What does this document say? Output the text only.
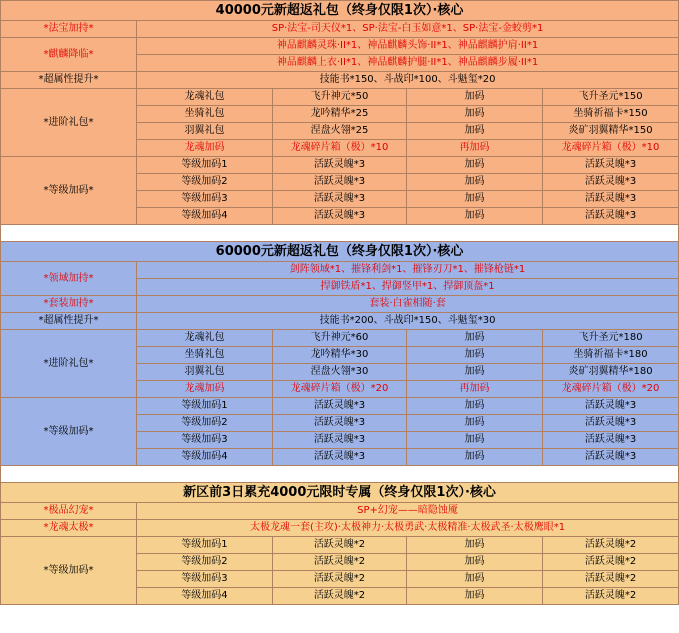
40000元新超返礼包（终身仅限1次）·核心				
*法宝加持*	SP·法宝-司天仪*1、SP·法宝-白玉如意*1、SP·法宝-金蛟剪*1			
*麒麟降临*	神品麒麟灵珠·II*1、神品麒麟头饰·II*1、神品麒麟护肩·II*1			
	神品麒麟上衣·II*1、神品麒麟护腿·II*1、神品麒麟步履·II*1			
*超属性提升*	技能书*150、斗战印*100、斗魁玺*20			
*进阶礼包*	龙魂礼包	飞升神元*50	加码	飞升圣元*150
	坐骑礼包	龙吟精华*25	加码	坐骑祈福卡*150
	羽翼礼包	涅盘火翎*25	加码	炎矿羽翼精华*150
	龙魂加码	龙魂碎片箱（极）*10	再加码	龙魂碎片箱（极）*10
*等级加码*	等级加码1	活跃灵魄*3	加码	活跃灵魄*3
	等级加码2	活跃灵魄*3	加码	活跃灵魄*3
	等级加码3	活跃灵魄*3	加码	活跃灵魄*3
	等级加码4	活跃灵魄*3	加码	活跃灵魄*3

60000元新超返礼包（终身仅限1次）·核心				
*领域加持*	剑阵领域*1、摧锋利剑*1、摧锋刃刀*1、摧锋枪链*1			
	捍御铁盾*1、捍御竖甲*1、捍御顶盔*1			
*套装加持*	套装·白雀相随·套			
*超属性提升*	技能书*200、斗战印*150、斗魁玺*30			
*进阶礼包*	龙魂礼包	飞升神元*60	加码	飞升圣元*180
	坐骑礼包	龙吟精华*30	加码	坐骑祈福卡*180
	羽翼礼包	涅盘火翎*30	加码	炎矿羽翼精华*180
	龙魂加码	龙魂碎片箱（极）*20	再加码	龙魂碎片箱（极）*20
*等级加码*	等级加码1	活跃灵魄*3	加码	活跃灵魄*3
	等级加码2	活跃灵魄*3	加码	活跃灵魄*3
	等级加码3	活跃灵魄*3	加码	活跃灵魄*3
	等级加码4	活跃灵魄*3	加码	活跃灵魄*3

新区前3日累充4000元限时专属（终身仅限1次）·核心				
*极品幻宠*	SP+幻宠——暗隐蚀魇			
*龙魂太极*	太极龙魂一套(主攻)·太极神力·太极勇武·太极精准·太极武圣·太极鹰眼*1			
*等级加码*	等级加码1	活跃灵魄*2	加码	活跃灵魄*2
	等级加码2	活跃灵魄*2	加码	活跃灵魄*2
	等级加码3	活跃灵魄*2	加码	活跃灵魄*2
	等级加码4	活跃灵魄*2	加码	活跃灵魄*2
